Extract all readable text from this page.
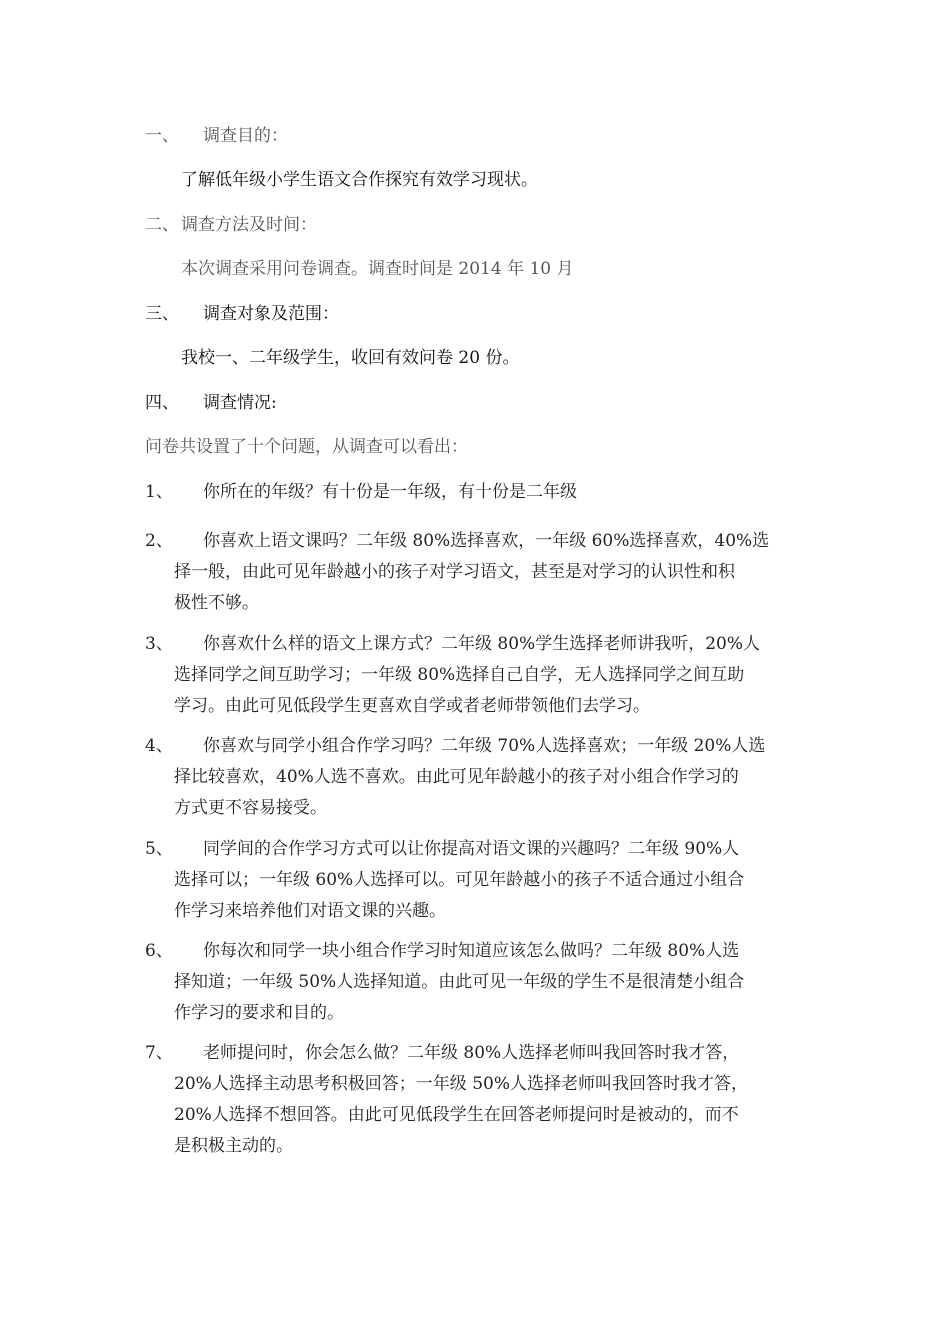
一、 调查目的：
了解低年级小学生语文合作探究有效学习现状。
二、 调查方法及时间：
本次调查采用问卷调查。调查时间是 2014 年 10 月
三、 调查对象及范围：
我校一、二年级学生，收回有效问卷 20 份。
四、 调查情况:
问卷共设置了十个问题，从调查可以看出：
1、	你所在的年级？有十份是一年级，有十份是二年级
2、	你喜欢上语文课吗？二年级 80%选择喜欢，一年级 60%选择喜欢，40%选
择一般，由此可见年龄越小的孩子对学习语文，甚至是对学习的认识性和积
极性不够。
3、	你喜欢什么样的语文上课方式？二年级 80%学生选择老师讲我听，20%人
选择同学之间互助学习；一年级 80%选择自己自学，无人选择同学之间互助
学习。由此可见低段学生更喜欢自学或者老师带领他们去学习。
4、	你喜欢与同学小组合作学习吗？二年级 70%人选择喜欢；一年级 20%人选
择比较喜欢，40%人选不喜欢。由此可见年龄越小的孩子对小组合作学习的
方式更不容易接受。
5、	同学间的合作学习方式可以让你提高对语文课的兴趣吗？二年级 90%人
选择可以；一年级 60%人选择可以。可见年龄越小的孩子不适合通过小组合
作学习来培养他们对语文课的兴趣。
6、	你每次和同学一块小组合作学习时知道应该怎么做吗？二年级 80%人选
择知道；一年级 50%人选择知道。由此可见一年级的学生不是很清楚小组合
作学习的要求和目的。
7、	老师提问时，你会怎么做？二年级 80%人选择老师叫我回答时我才答，
20%人选择主动思考积极回答；一年级 50%人选择老师叫我回答时我才答，
20%人选择不想回答。由此可见低段学生在回答老师提问时是被动的，而不
是积极主动的。
